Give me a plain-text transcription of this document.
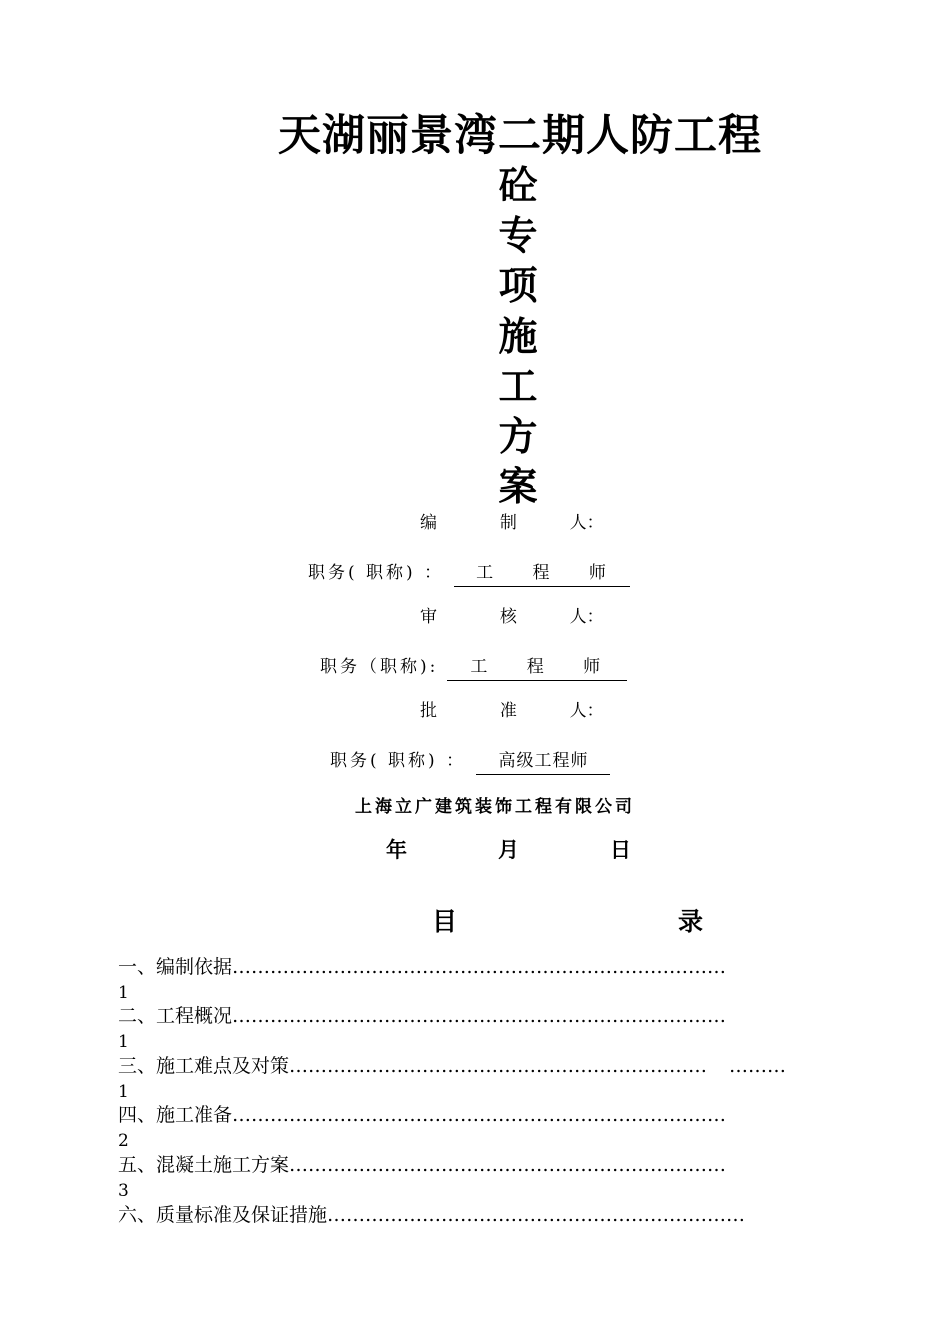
天湖丽景湾二期人防工程
砼
专
项
施
工
方
案
编	制	人：
职务( 职称) ： 工 程 师
审	核	人：
职务（职称): 工 程 师
批	准	人：
职务( 职称) ： 高级工程师
上海立广建筑装饰工程有限公司
年	月	日
目	录
一、编制依据……………………………………………………………………
1
二、工程概况……………………………………………………………………
1
三、施工难点及对策………………………………………………………… ………
1
四、施工准备……………………………………………………………………
2
五、混凝土施工方案……………………………………………………………
3
六、质量标准及保证措施…………………………………………………………
